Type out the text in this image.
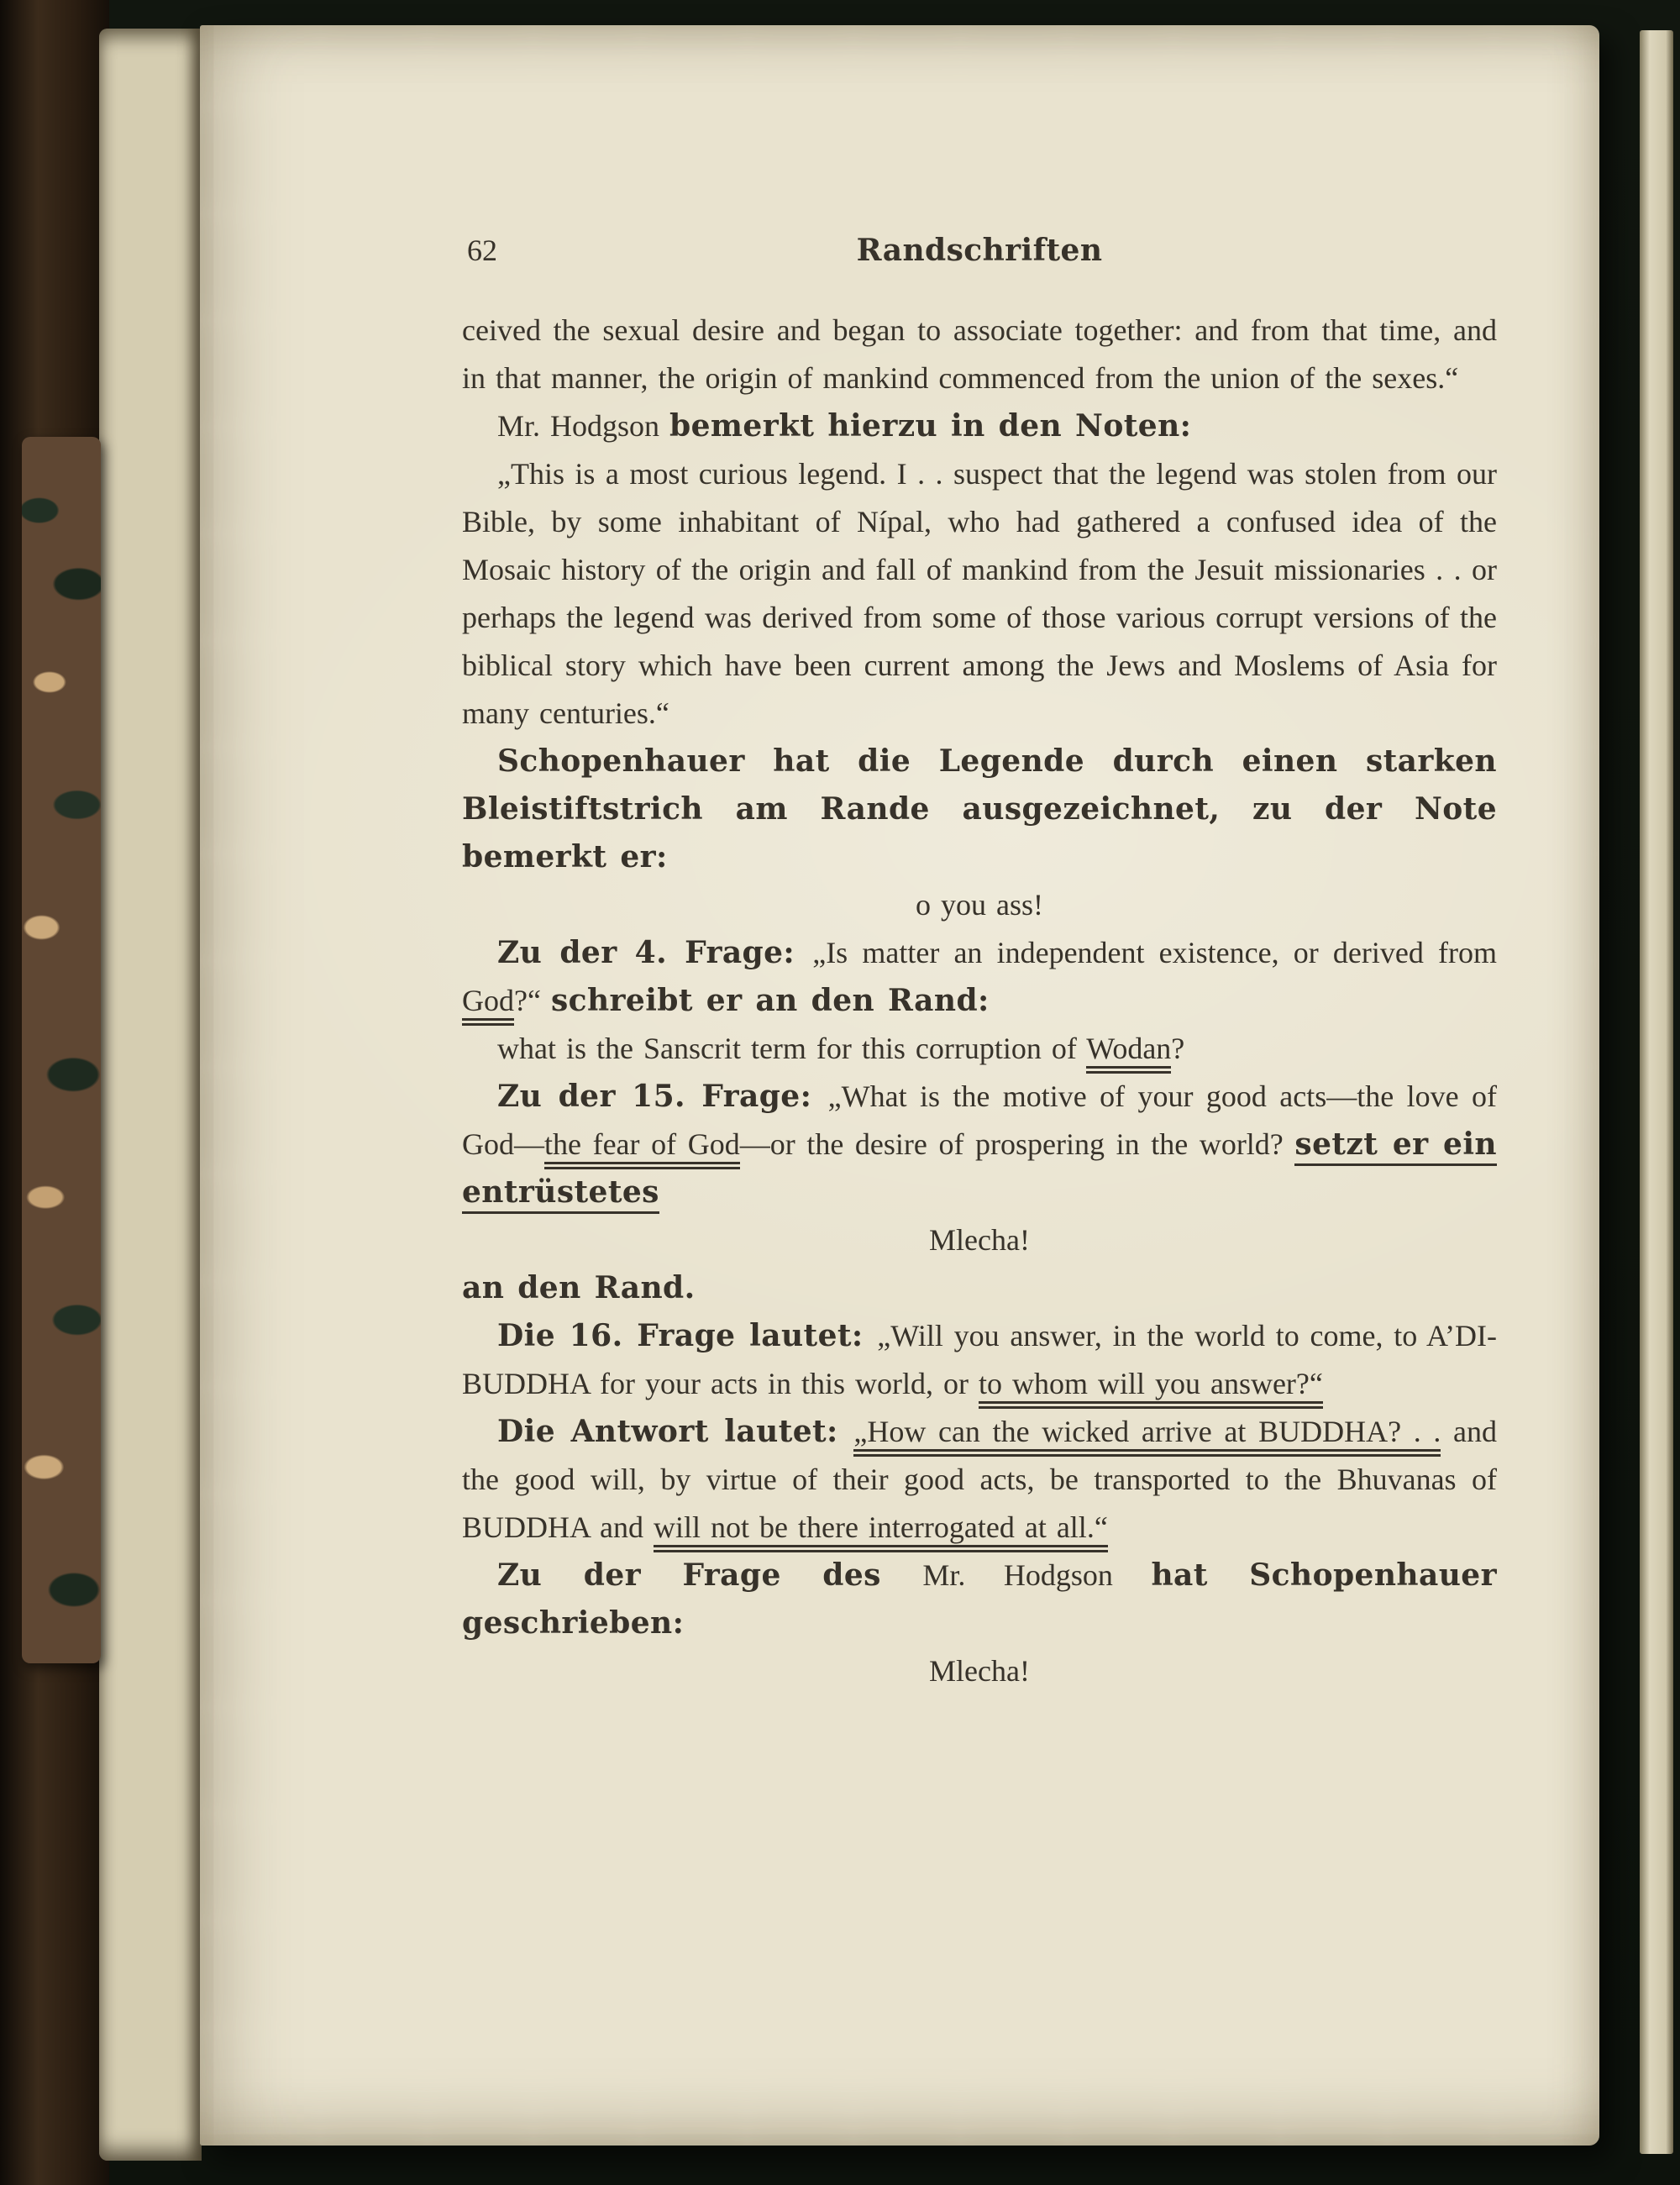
62	Randschriften

ceived the sexual desire and began to associate together: and from that time, and in that manner, the origin of mankind commenced from the union of the sexes.“

Mr. Hodgson bemerkt hierzu in den Noten:

„This is a most curious legend. I . . suspect that the legend was stolen from our Bible, by some inhabitant of Nípal, who had gathered a confused idea of the Mosaic history of the origin and fall of mankind from the Jesuit missionaries . . or perhaps the legend was derived from some of those various corrupt versions of the biblical story which have been current among the Jews and Moslems of Asia for many centuries.“

Schopenhauer hat die Legende durch einen starken Bleistiftstrich am Rande ausgezeichnet, zu der Note bemerkt er:

o you ass!

Zu der 4. Frage: „Is matter an independent existence, or derived from God?“ schreibt er an den Rand:

what is the Sanscrit term for this corruption of Wodan?

Zu der 15. Frage: „What is the motive of your good acts—the love of God—the fear of God—or the desire of prospering in the world? setzt er ein entrüstetes

Mlecha!

an den Rand.

Die 16. Frage lautet: „Will you answer, in the world to come, to A’DI-BUDDHA for your acts in this world, or to whom will you answer?“

Die Antwort lautet: „How can the wicked arrive at BUDDHA? . . and the good will, by virtue of their good acts, be transported to the Bhuvanas of BUDDHA and will not be there interrogated at all.“

Zu der Frage des Mr. Hodgson hat Schopenhauer geschrieben:

Mlecha!
